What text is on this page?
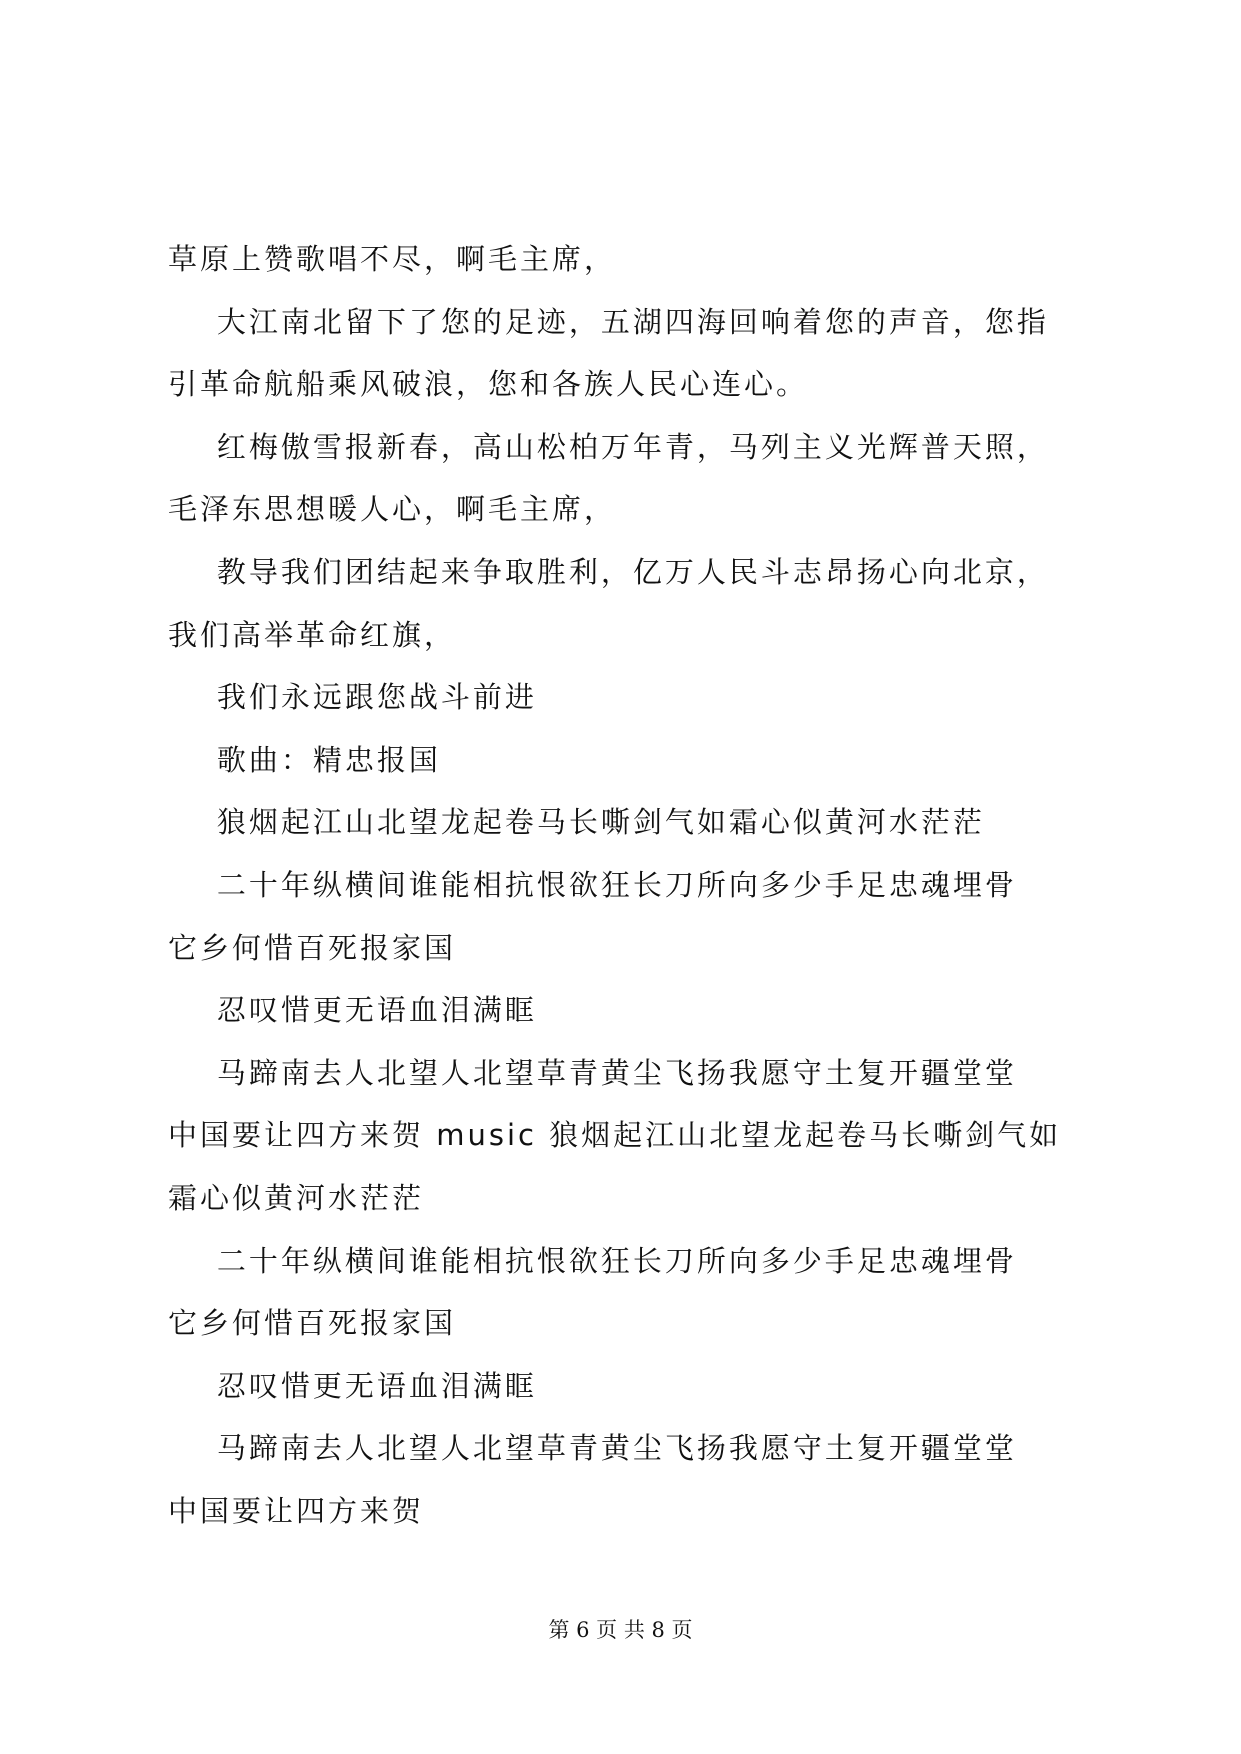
草原上赞歌唱不尽，啊毛主席，

大江南北留下了您的足迹，五湖四海回响着您的声音，您指

引革命航船乘风破浪，您和各族人民心连心。

红梅傲雪报新春，高山松柏万年青，马列主义光辉普天照，

毛泽东思想暖人心，啊毛主席，

教导我们团结起来争取胜利，亿万人民斗志昂扬心向北京，

我们高举革命红旗，

我们永远跟您战斗前进

歌曲：精忠报国

狼烟起江山北望龙起卷马长嘶剑气如霜心似黄河水茫茫

二十年纵横间谁能相抗恨欲狂长刀所向多少手足忠魂埋骨

它乡何惜百死报家国

忍叹惜更无语血泪满眶

马蹄南去人北望人北望草青黄尘飞扬我愿守土复开疆堂堂

中国要让四方来贺 music 狼烟起江山北望龙起卷马长嘶剑气如

霜心似黄河水茫茫

二十年纵横间谁能相抗恨欲狂长刀所向多少手足忠魂埋骨

它乡何惜百死报家国

忍叹惜更无语血泪满眶

马蹄南去人北望人北望草青黄尘飞扬我愿守土复开疆堂堂

中国要让四方来贺

第 6 页 共 8 页
